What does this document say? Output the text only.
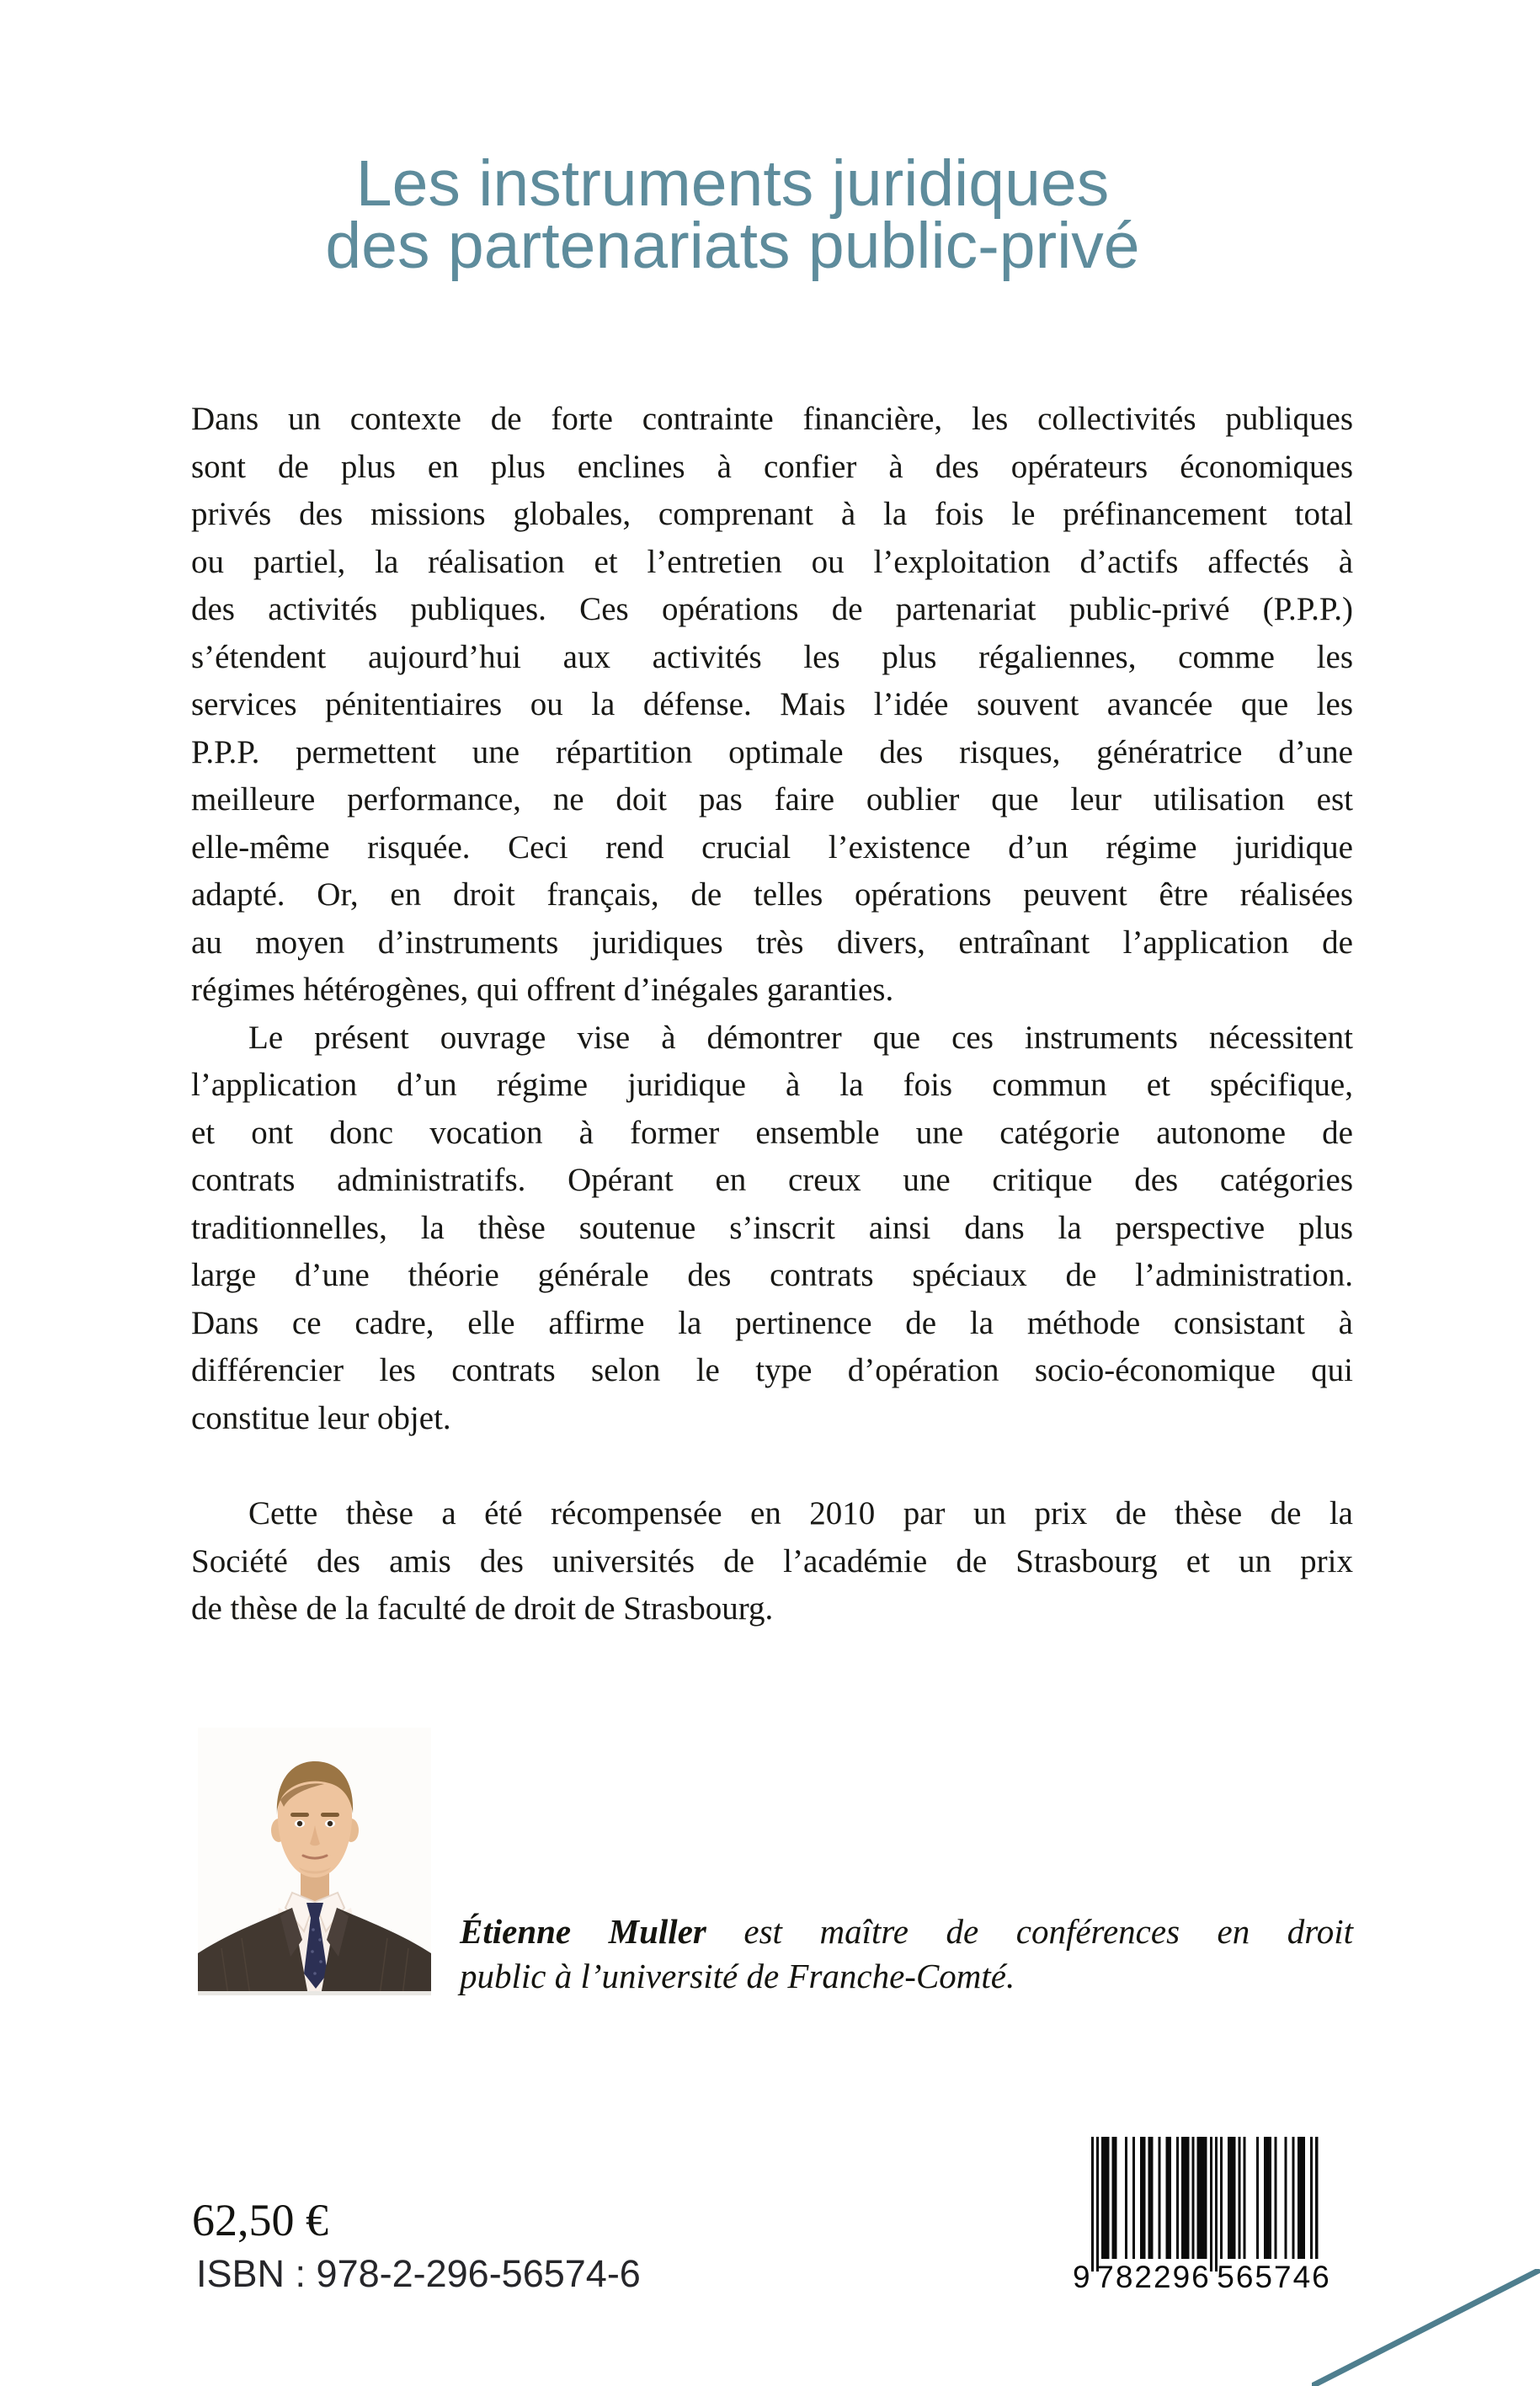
Les instruments juridiques
des partenariats public-privé
Dans un contexte de forte contrainte financière, les collectivités publiques
sont de plus en plus enclines à confier à des opérateurs économiques
privés des missions globales, comprenant à la fois le préfinancement total
ou partiel, la réalisation et l’entretien ou l’exploitation d’actifs affectés à
des activités publiques. Ces opérations de partenariat public-privé (P.P.P.)
s’étendent aujourd’hui aux activités les plus régaliennes, comme les
services pénitentiaires ou la défense. Mais l’idée souvent avancée que les
P.P.P. permettent une répartition optimale des risques, génératrice d’une
meilleure performance, ne doit pas faire oublier que leur utilisation est
elle-même risquée. Ceci rend crucial l’existence d’un régime juridique
adapté. Or, en droit français, de telles opérations peuvent être réalisées
au moyen d’instruments juridiques très divers, entraînant l’application de
régimes hétérogènes, qui offrent d’inégales garanties.
Le présent ouvrage vise à démontrer que ces instruments nécessitent
l’application d’un régime juridique à la fois commun et spécifique,
et ont donc vocation à former ensemble une catégorie autonome de
contrats administratifs. Opérant en creux une critique des catégories
traditionnelles, la thèse soutenue s’inscrit ainsi dans la perspective plus
large d’une théorie générale des contrats spéciaux de l’administration.
Dans ce cadre, elle affirme la pertinence de la méthode consistant à
différencier les contrats selon le type d’opération socio-économique qui
constitue leur objet.
Cette thèse a été récompensée en 2010 par un prix de thèse de la
Société des amis des universités de l’académie de Strasbourg et un prix
de thèse de la faculté de droit de Strasbourg.
Étienne Muller est maître de conférences en droit
public à l’université de Franche-Comté.
62,50 €
ISBN : 978-2-296-56574-6	9 782296 565746
